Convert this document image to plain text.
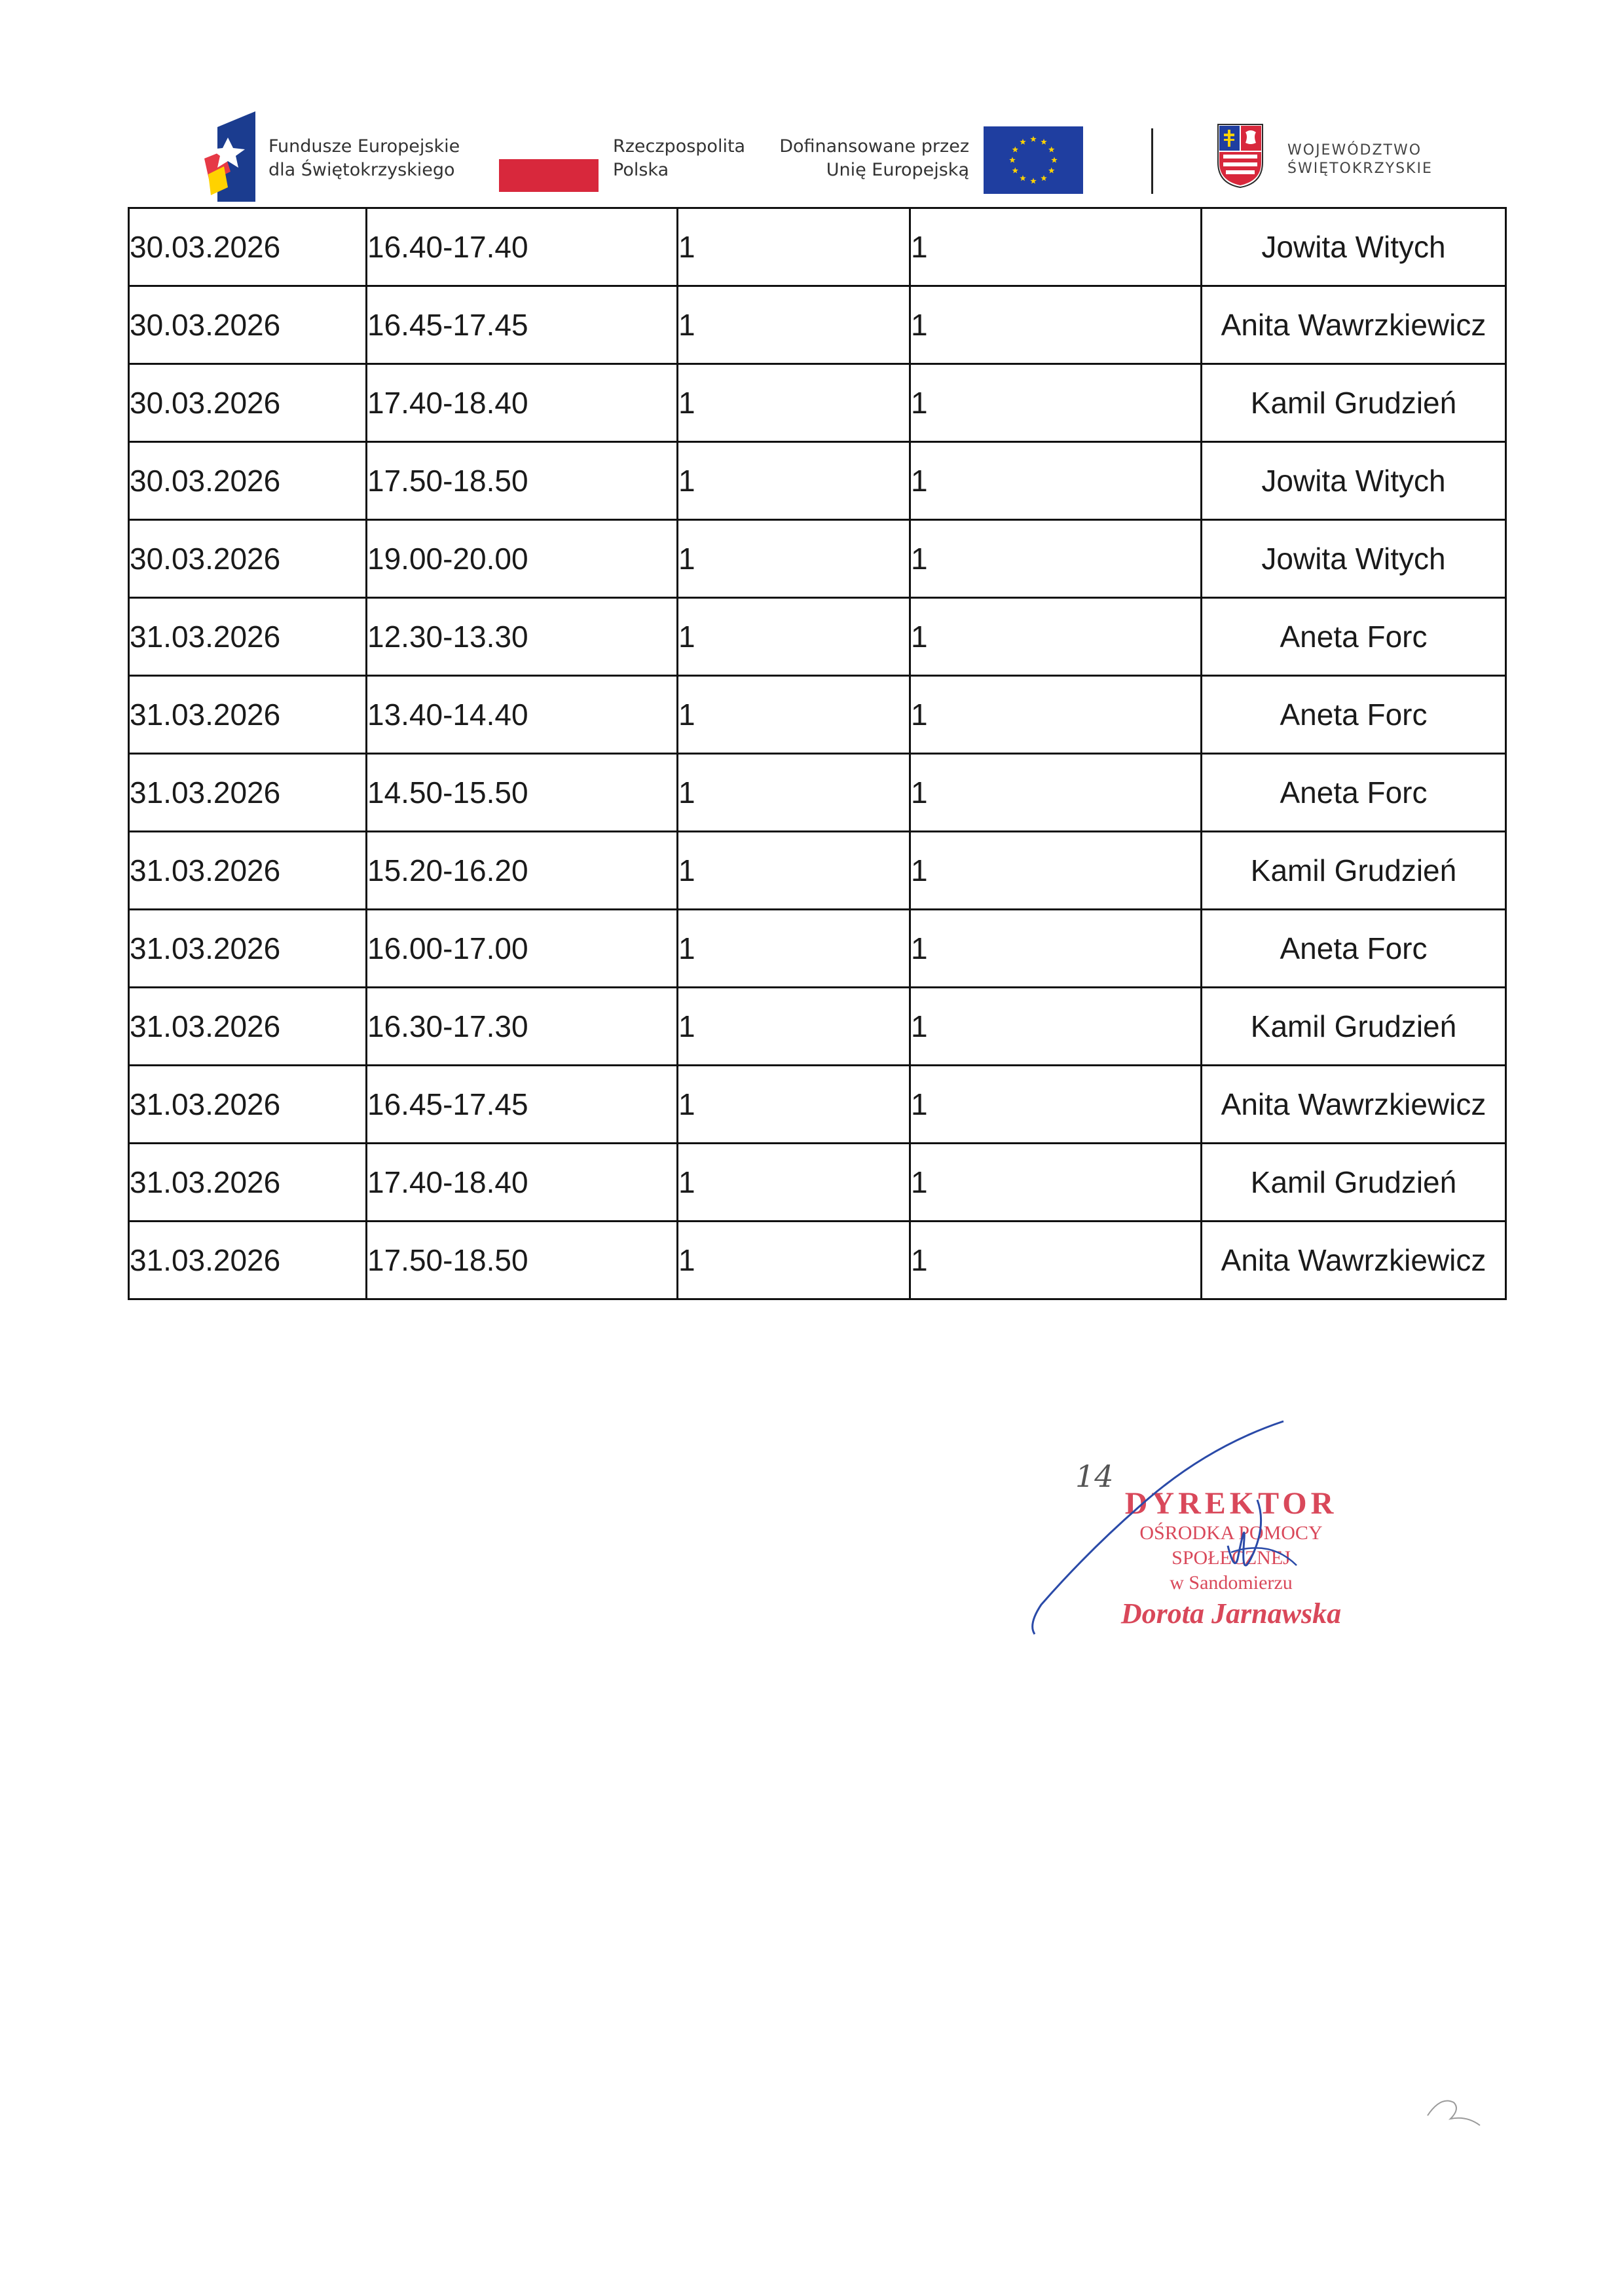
Fundusze Europejskie
dla Świętokrzyskiego
Rzeczpospolita
Polska
Dofinansowane przez
Unię Europejską
WOJEWÓDZTWO
ŚWIĘTOKRZYSKIE
30.03.2026	16.40-17.40	1	1	Jowita Witych
30.03.2026	16.45-17.45	1	1	Anita Wawrzkiewicz
30.03.2026	17.40-18.40	1	1	Kamil Grudzień
30.03.2026	17.50-18.50	1	1	Jowita Witych
30.03.2026	19.00-20.00	1	1	Jowita Witych
31.03.2026	12.30-13.30	1	1	Aneta Forc
31.03.2026	13.40-14.40	1	1	Aneta Forc
31.03.2026	14.50-15.50	1	1	Aneta Forc
31.03.2026	15.20-16.20	1	1	Kamil Grudzień
31.03.2026	16.00-17.00	1	1	Aneta Forc
31.03.2026	16.30-17.30	1	1	Kamil Grudzień
31.03.2026	16.45-17.45	1	1	Anita Wawrzkiewicz
31.03.2026	17.40-18.40	1	1	Kamil Grudzień
31.03.2026	17.50-18.50	1	1	Anita Wawrzkiewicz
DYREKTOR
OŚRODKA POMOCY SPOŁECZNEJ
w Sandomierzu
Dorota Jarnawska
14
